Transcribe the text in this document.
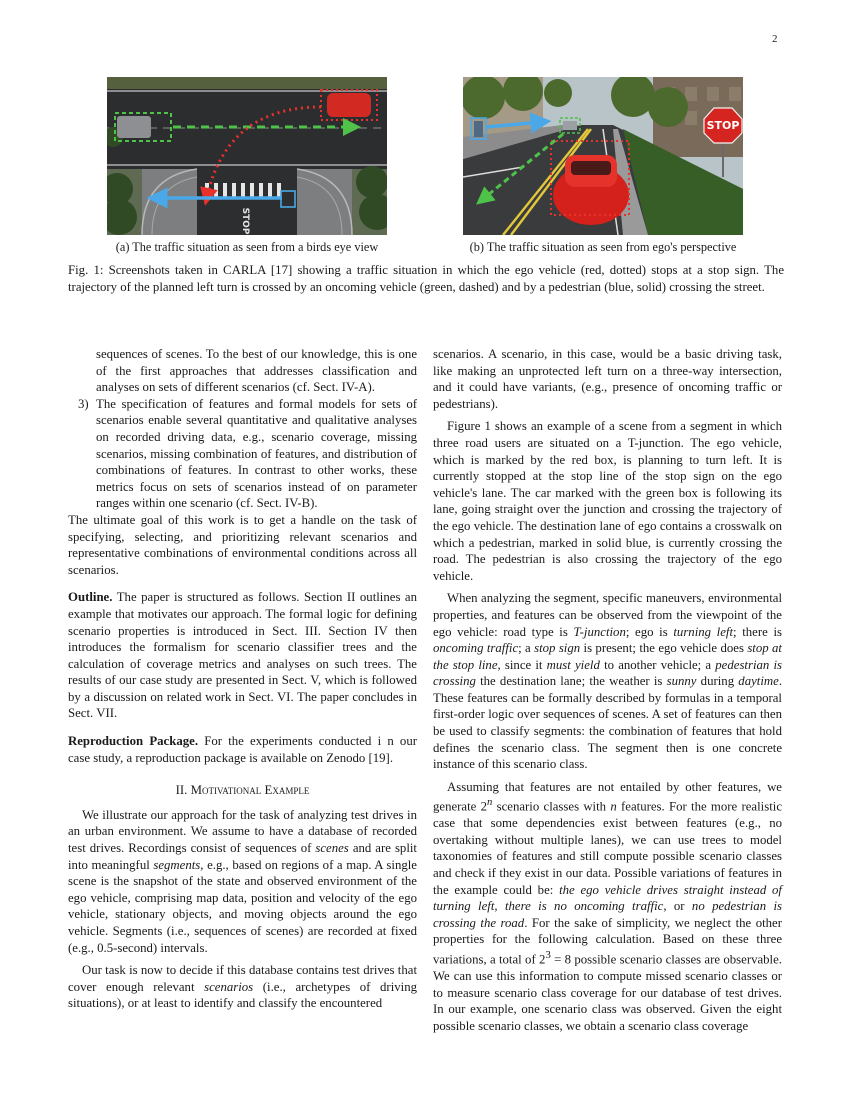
2
STOP
STOP
(a) The traffic situation as seen from a birds eye view	(b) The traffic situation as seen from ego's perspective
Fig. 1: Screenshots taken in CARLA [17] showing a traffic situation in which the ego vehicle (red, dotted) stops at a stop sign. The trajectory of the planned left turn is crossed by an oncoming vehicle (green, dashed) and by a pedestrian (blue, solid) crossing the street.

sequences of scenes. To the best of our knowledge, this is one of the first approaches that addresses classification and analyses on sets of different scenarios (cf. Sect. IV-A).

3) The specification of features and formal models for sets of scenarios enable several quantitative and qualitative analyses on recorded driving data, e.g., scenario coverage, missing scenarios, missing combination of features, and distribution of combinations of features. In contrast to other works, these metrics focus on sets of scenarios instead of on parameter ranges within one scenario (cf. Sect. IV-B).

The ultimate goal of this work is to get a handle on the task of specifying, selecting, and prioritizing relevant scenarios and representative combinations of environmental conditions across all scenarios.

Outline. The paper is structured as follows. Section II outlines an example that motivates our approach. The formal logic for defining scenario properties is introduced in Sect. III. Section IV then introduces the formalism for scenario classifier trees and the calculation of coverage metrics and analyses on such trees. The results of our case study are presented in Sect. V, which is followed by a discussion on related work in Sect. VI. The paper concludes in Sect. VII.

Reproduction Package. For the experiments conducted i n our case study, a reproduction package is available on Zenodo [19].

II. Motivational Example

We illustrate our approach for the task of analyzing test drives in an urban environment. We assume to have a database of recorded test drives. Recordings consist of sequences of scenes and are split into meaningful segments, e.g., based on regions of a map. A single scene is the snapshot of the state and observed environment of the ego vehicle, comprising map data, position and velocity of the ego vehicle, stationary objects, and moving objects around the ego vehicle. Segments (i.e., sequences of scenes) are recorded at fixed (e.g., 0.5-second) intervals.

Our task is now to decide if this database contains test drives that cover enough relevant scenarios (i.e., archetypes of driving situations), or at least to identify and classify the encountered

scenarios. A scenario, in this case, would be a basic driving task, like making an unprotected left turn on a three-way intersection, and it could have variants, (e.g., presence of oncoming traffic or pedestrians).

Figure 1 shows an example of a scene from a segment in which three road users are situated on a T-junction. The ego vehicle, which is marked by the red box, is planning to turn left. It is currently stopped at the stop line of the stop sign on the ego vehicle's lane. The car marked with the green box is following its lane, going straight over the junction and crossing the trajectory of the ego vehicle. The destination lane of ego contains a crosswalk on which a pedestrian, marked in solid blue, is currently crossing the road. The pedestrian is also crossing the trajectory of the ego vehicle.

When analyzing the segment, specific maneuvers, environmental properties, and features can be observed from the viewpoint of the ego vehicle: road type is T-junction; ego is turning left; there is oncoming traffic; a stop sign is present; the ego vehicle does stop at the stop line, since it must yield to another vehicle; a pedestrian is crossing the destination lane; the weather is sunny during daytime. These features can be formally described by formulas in a temporal first-order logic over sequences of scenes. A set of features can then be used to classify segments: the combination of features that hold defines the scenario class. The segment then is one concrete instance of this scenario class.

Assuming that features are not entailed by other features, we generate 2$^n$ scenario classes with n features. For the more realistic case that some dependencies exist between features (e.g., no overtaking without multiple lanes), we can use trees to model taxonomies of features and still compute possible scenario classes and check if they exist in our data. Possible variations of features in the example could be: the ego vehicle drives straight instead of turning left, there is no oncoming traffic, or no pedestrian is crossing the road. For the sake of simplicity, we neglect the other properties for the following calculation. Based on these three variations, a total of $2^3 = 8$ possible scenario classes are observable. We can use this information to compute missed scenario classes or to measure scenario class coverage for our database of test drives. In our example, one scenario class was observed. Given the eight possible scenario classes, we obtain a scenario class coverage
